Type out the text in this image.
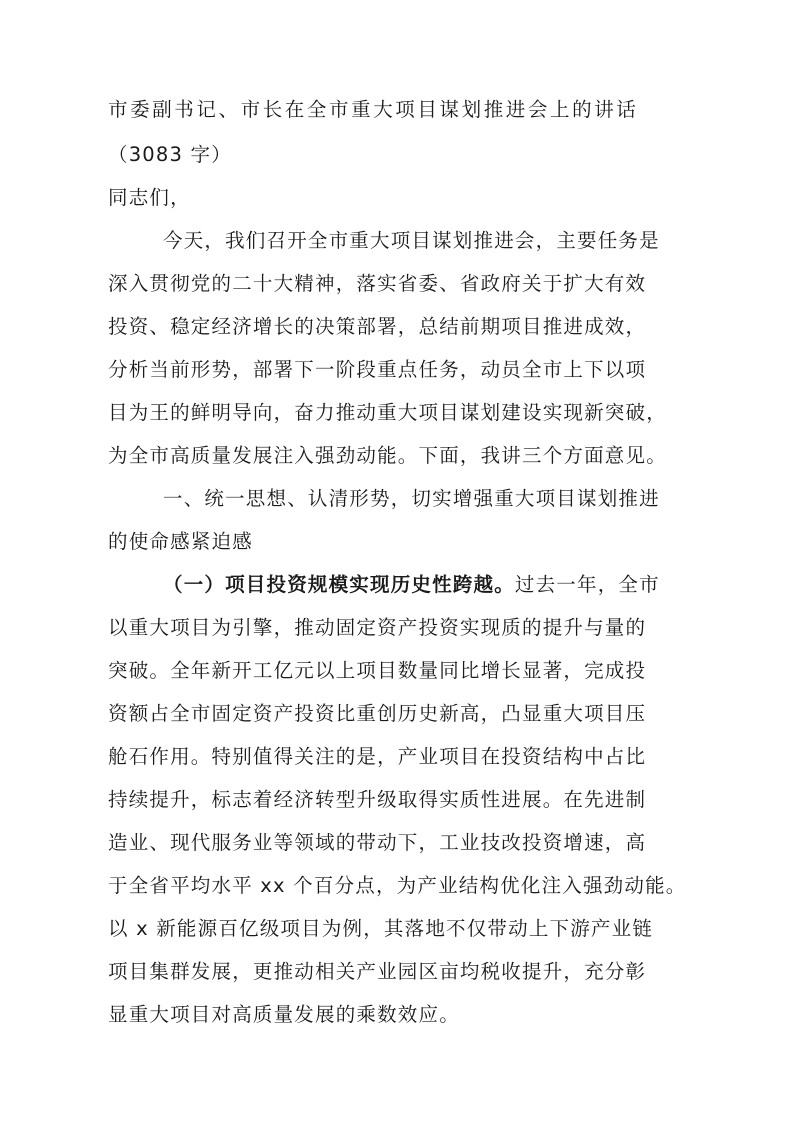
市委副书记、市长在全市重大项目谋划推进会上的讲话
（3083 字）
同志们，
今天，我们召开全市重大项目谋划推进会，主要任务是
深入贯彻党的二十大精神，落实省委、省政府关于扩大有效
投资、稳定经济增长的决策部署，总结前期项目推进成效，
分析当前形势，部署下一阶段重点任务，动员全市上下以项
目为王的鲜明导向，奋力推动重大项目谋划建设实现新突破，
为全市高质量发展注入强劲动能。下面，我讲三个方面意见。
一、统一思想、认清形势，切实增强重大项目谋划推进
的使命感紧迫感
（一）项目投资规模实现历史性跨越。过去一年，全市
以重大项目为引擎，推动固定资产投资实现质的提升与量的
突破。全年新开工亿元以上项目数量同比增长显著，完成投
资额占全市固定资产投资比重创历史新高，凸显重大项目压
舱石作用。特别值得关注的是，产业项目在投资结构中占比
持续提升，标志着经济转型升级取得实质性进展。在先进制
造业、现代服务业等领域的带动下，工业技改投资增速，高
于全省平均水平 xx 个百分点，为产业结构优化注入强劲动能。
以 x 新能源百亿级项目为例，其落地不仅带动上下游产业链
项目集群发展，更推动相关产业园区亩均税收提升，充分彰
显重大项目对高质量发展的乘数效应。
